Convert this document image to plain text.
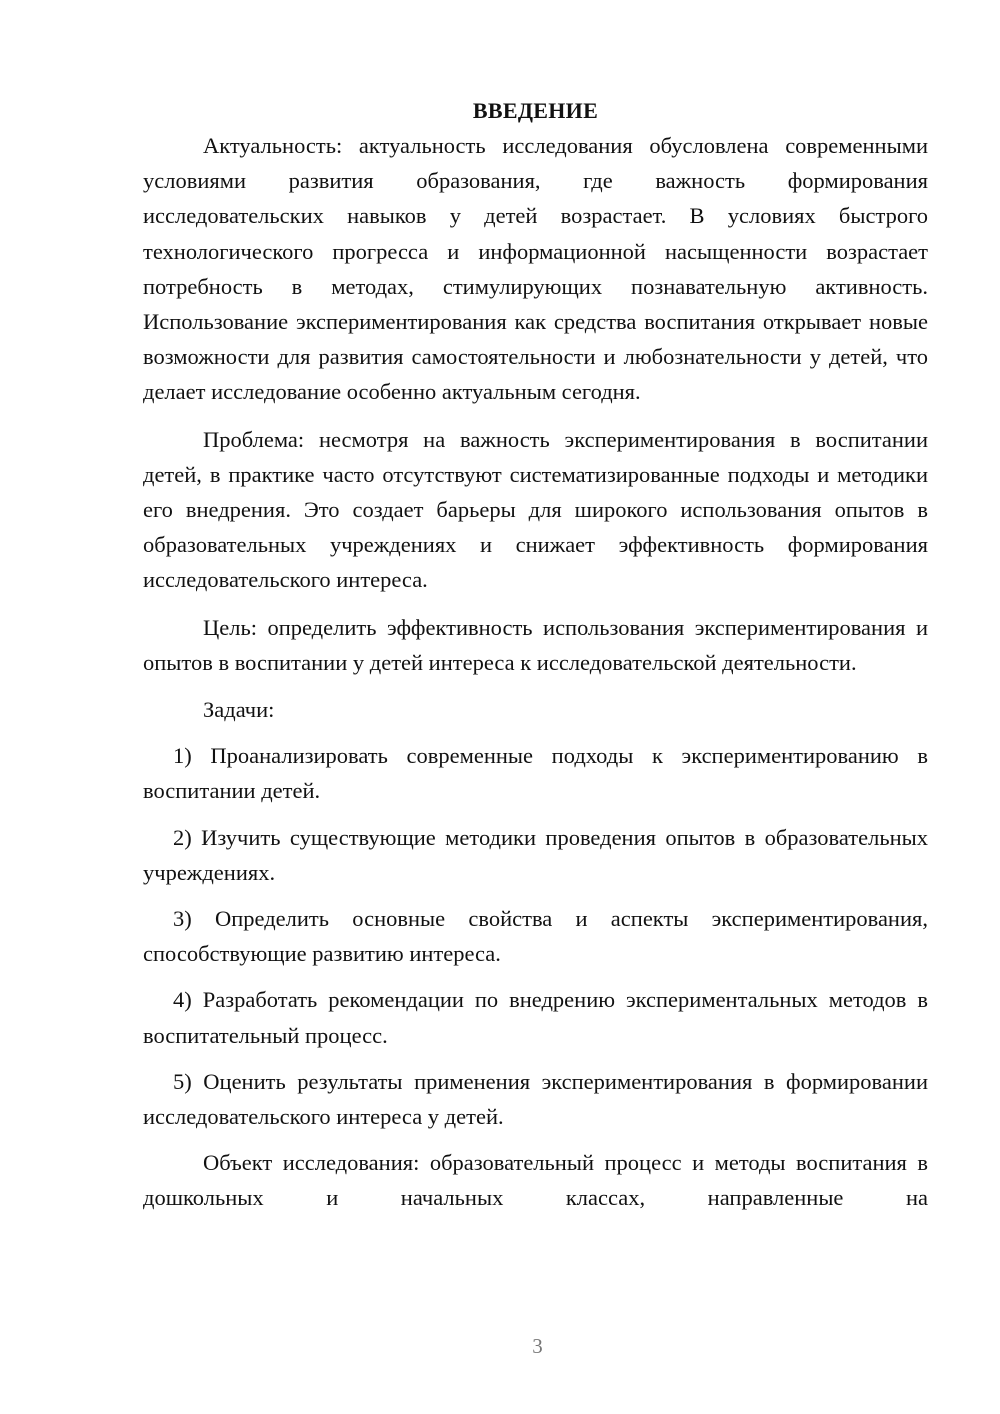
ВВЕДЕНИЕ

Актуальность: актуальность исследования обусловлена современными условиями развития образования, где важность формирования исследовательских навыков у детей возрастает. В условиях быстрого технологического прогресса и информационной насыщенности возрастает потребность в методах, стимулирующих познавательную активность. Использование экспериментирования как средства воспитания открывает новые возможности для развития самостоятельности и любознательности у детей, что делает исследование особенно актуальным сегодня.

Проблема: несмотря на важность экспериментирования в воспитании детей, в практике часто отсутствуют систематизированные подходы и методики его внедрения. Это создает барьеры для широкого использования опытов в образовательных учреждениях и снижает эффективность формирования исследовательского интереса.

Цель: определить эффективность использования экспериментирования и опытов в воспитании у детей интереса к исследовательской деятельности.

Задачи:

1) Проанализировать современные подходы к экспериментированию в воспитании детей.

2) Изучить существующие методики проведения опытов в образовательных учреждениях.

3) Определить основные свойства и аспекты экспериментирования, способствующие развитию интереса.

4) Разработать рекомендации по внедрению экспериментальных методов в воспитательный процесс.

5) Оценить результаты применения экспериментирования в формировании исследовательского интереса у детей.

Объект исследования: образовательный процесс и методы воспитания в дошкольных и начальных классах, направленные на

3
